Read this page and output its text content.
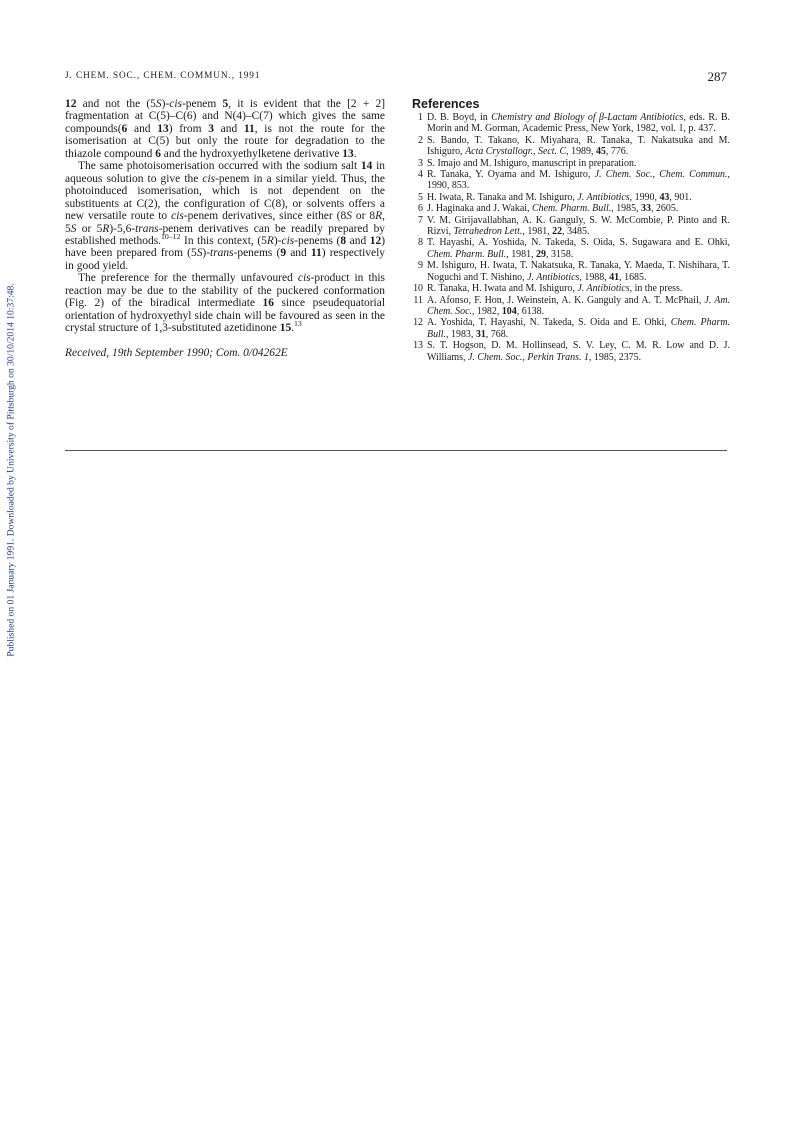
Published on 01 January 1991. Downloaded by University of Pittsburgh on 30/10/2014 10:37:48.
J. CHEM. SOC., CHEM. COMMUN., 1991	287

12 and not the (5S)-cis-penem 5, it is evident that the [2 + 2] fragmentation at C(5)–C(6) and N(4)–C(7) which gives the same compounds(6 and 13) from 3 and 11, is not the route for the isomerisation at C(5) but only the route for degradation to the thiazole compound 6 and the hydroxyethylketene derivative 13.

The same photoisomerisation occurred with the sodium salt 14 in aqueous solution to give the cis-penem in a similar yield. Thus, the photoinduced isomerisation, which is not dependent on the substituents at C(2), the configuration of C(8), or solvents offers a new versatile route to cis-penem derivatives, since either (8S or 8R, 5S or 5R)-5,6-trans-penem derivatives can be readily prepared by established methods.$^{10-12}$ In this context, (5R)-cis-penems (8 and 12) have been prepared from (5S)-trans-penems (9 and 11) respectively in good yield.

The preference for the thermally unfavoured cis-product in this reaction may be due to the stability of the puckered conformation (Fig. 2) of the biradical intermediate 16 since pseudequatorial orientation of hydroxyethyl side chain will be favoured as seen in the crystal structure of 1,3-substituted azetidinone 15.13

Received, 19th September 1990; Com. 0/04262E

References
1 D. B. Boyd, in Chemistry and Biology of β-Lactam Antibiotics, eds. R. B. Morin and M. Gorman, Academic Press, New York, 1982, vol. 1, p. 437.
2 S. Bando, T. Takano, K. Miyahara, R. Tanaka, T. Nakatsuka and M. Ishiguro, Acta Crystallogr., Sect. C, 1989, 45, 776.
3 S. Imajo and M. Ishiguro, manuscript in preparation.
4 R. Tanaka, Y. Oyama and M. Ishiguro, J. Chem. Soc., Chem. Commun., 1990, 853.
5 H. Iwata, R. Tanaka and M. Ishiguro, J. Antibiotics, 1990, 43, 901.
6 J. Haginaka and J. Wakai, Chem. Pharm. Bull., 1985, 33, 2605.
7 V. M. Girijavallabhan, A. K. Ganguly, S. W. McCombie, P. Pinto and R. Rizvi, Tetrahedron Lett., 1981, 22, 3485.
8 T. Hayashi, A. Yoshida, N. Takeda, S. Oida, S. Sugawara and E. Ohki, Chem. Pharm. Bull., 1981, 29, 3158.
9 M. Ishiguro, H. Iwata, T. Nakatsuka, R. Tanaka, Y. Maeda, T. Nishihara, T. Noguchi and T. Nishino, J. Antibiotics, 1988, 41, 1685.
10 R. Tanaka, H. Iwata and M. Ishiguro, J. Antibiotics, in the press.
11 A. Afonso, F. Hon, J. Weinstein, A. K. Ganguly and A. T. McPhail, J. Am. Chem. Soc., 1982, 104, 6138.
12 A. Yoshida, T. Hayashi, N. Takeda, S. Oida and E. Ohki, Chem. Pharm. Bull., 1983, 31, 768.
13 S. T. Hogson, D. M. Hollinsead, S. V. Ley, C. M. R. Low and D. J. Williams, J. Chem. Soc., Perkin Trans. 1, 1985, 2375.
